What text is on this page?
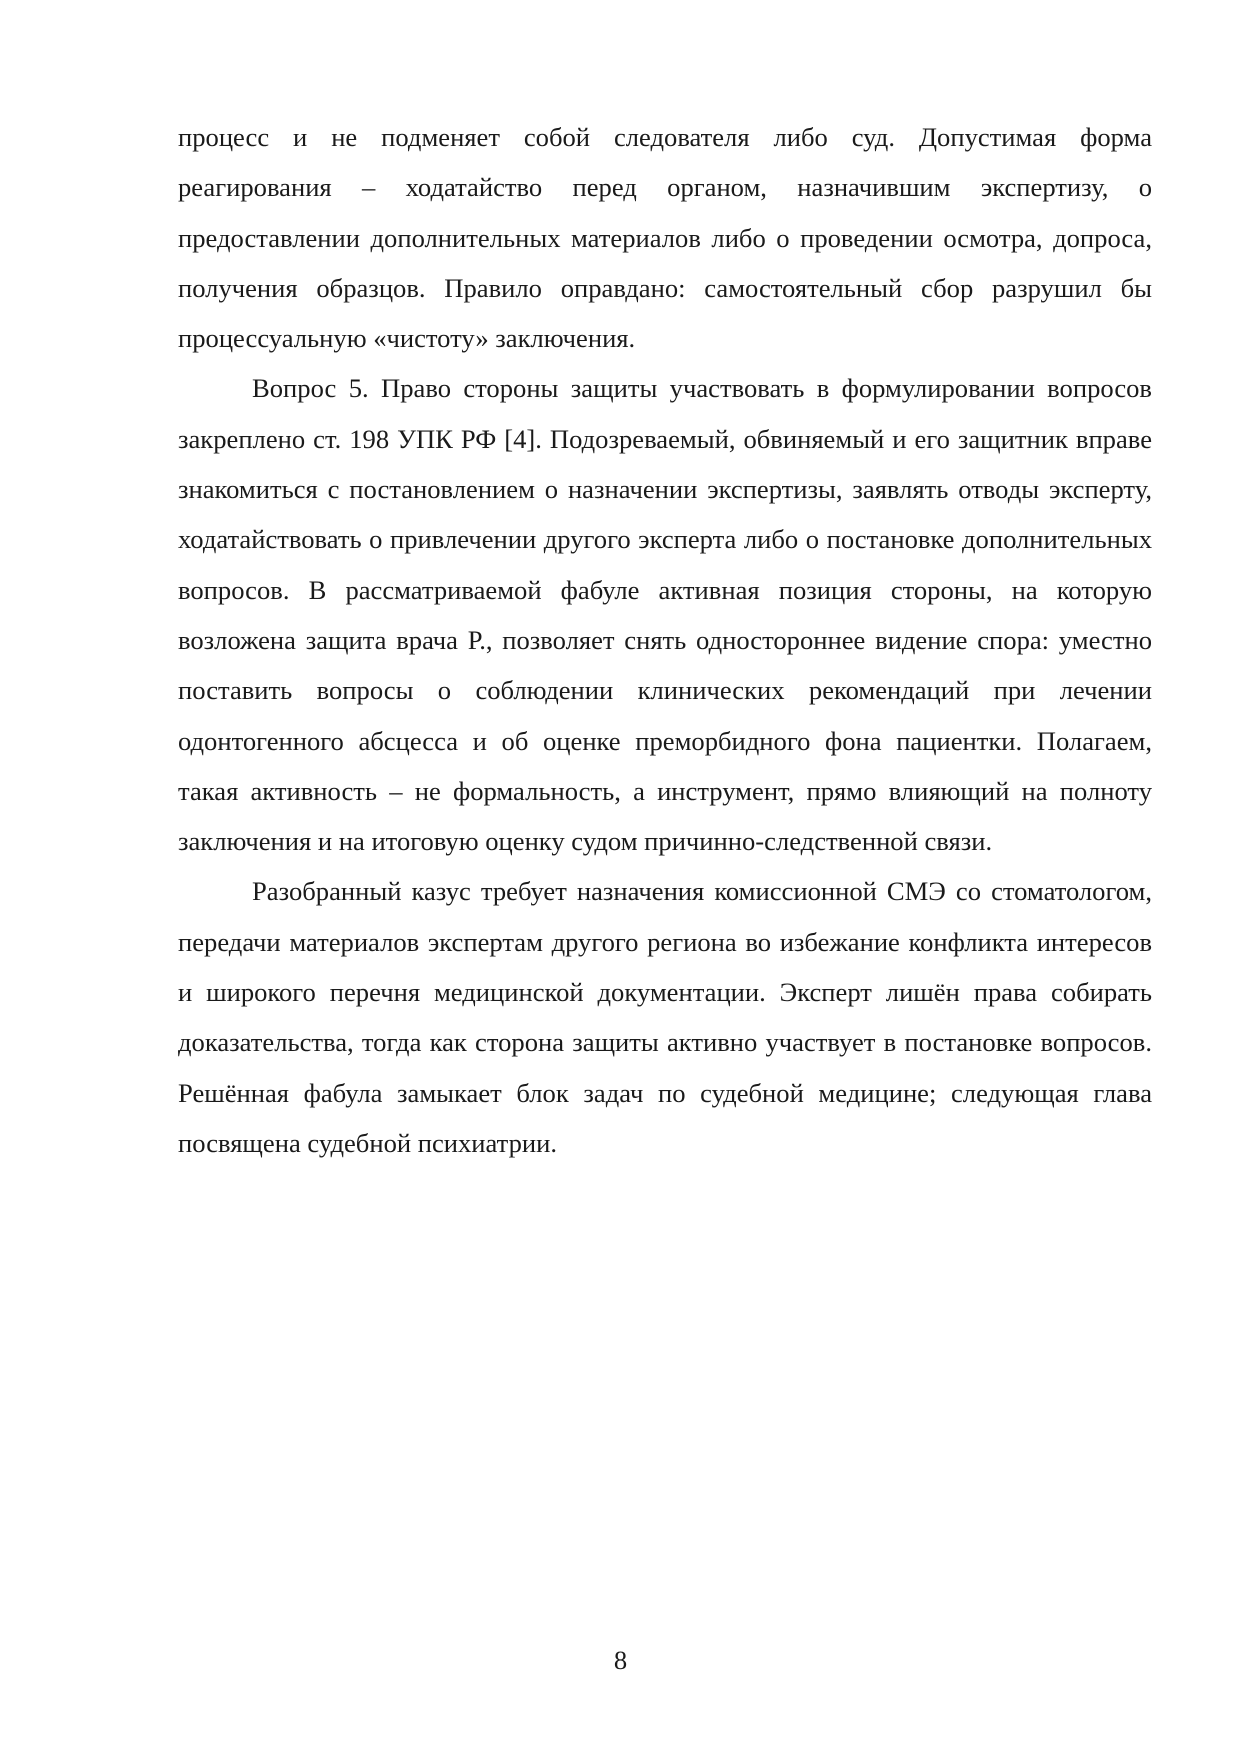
процесс и не подменяет собой следователя либо суд. Допустимая форма реагирования – ходатайство перед органом, назначившим экспертизу, о предоставлении дополнительных материалов либо о проведении осмотра, допроса, получения образцов. Правило оправдано: самостоятельный сбор разрушил бы процессуальную «чистоту» заключения.

Вопрос 5. Право стороны защиты участвовать в формулировании вопросов закреплено ст. 198 УПК РФ [4]. Подозреваемый, обвиняемый и его защитник вправе знакомиться с постановлением о назначении экспертизы, заявлять отводы эксперту, ходатайствовать о привлечении другого эксперта либо о постановке дополнительных вопросов. В рассматриваемой фабуле активная позиция стороны, на которую возложена защита врача Р., позволяет снять одностороннее видение спора: уместно поставить вопросы о соблюдении клинических рекомендаций при лечении одонтогенного абсцесса и об оценке преморбидного фона пациентки. Полагаем, такая активность – не формальность, а инструмент, прямо влияющий на полноту заключения и на итоговую оценку судом причинно-следственной связи.

Разобранный казус требует назначения комиссионной СМЭ со стоматологом, передачи материалов экспертам другого региона во избежание конфликта интересов и широкого перечня медицинской документации. Эксперт лишён права собирать доказательства, тогда как сторона защиты активно участвует в постановке вопросов. Решённая фабула замыкает блок задач по судебной медицине; следующая глава посвящена судебной психиатрии.

8
